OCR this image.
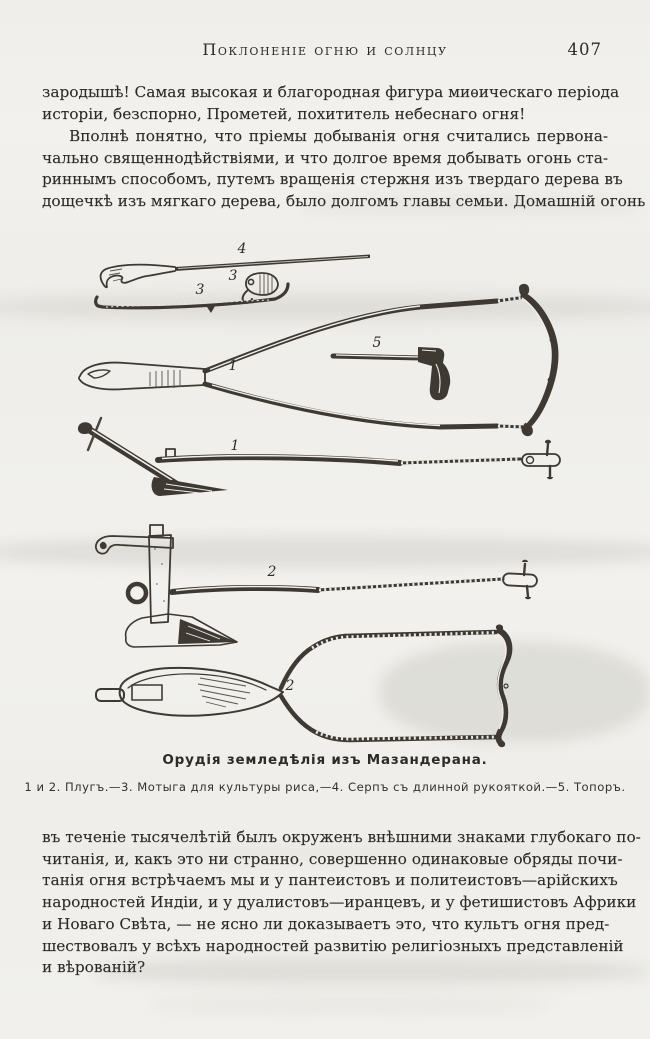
Поклоненіе огню и солнцу	407
зародышѣ! Самая высокая и благородная фигура миѳическаго періода
исторіи, безспорно, Прометей, похититель небеснаго огня!
Вполнѣ понятно, что пріемы добыванія огня считались первона-
чально священнодѣйствіями, и что долгое время добывать огонь ста-
риннымъ способомъ, путемъ вращенія стержня изъ твердаго дерева въ
дощечкѣ изъ мягкаго дерева, было долгомъ главы семьи. Домашній огонь
4
3
3
1
5
1
2
2
Орудія земледѣлія изъ Мазандерана.
1 и 2. Плугъ.—3. Мотыга для культуры риса,—4. Серпъ съ длинной рукояткой.—5. Топоръ.
въ теченіе тысячелѣтій былъ окруженъ внѣшними знаками глубокаго по-
читанія, и, какъ это ни странно, совершенно одинаковые обряды почи-
танія огня встрѣчаемъ мы и у пантеистовъ и политеистовъ—арійскихъ
народностей Индіи, и у дуалистовъ—иранцевъ, и у фетишистовъ Африки
и Новаго Свѣта, — не ясно ли доказываетъ это, что культъ огня пред-
шествовалъ у всѣхъ народностей развитію религіозныхъ представленій
и вѣрованій?
